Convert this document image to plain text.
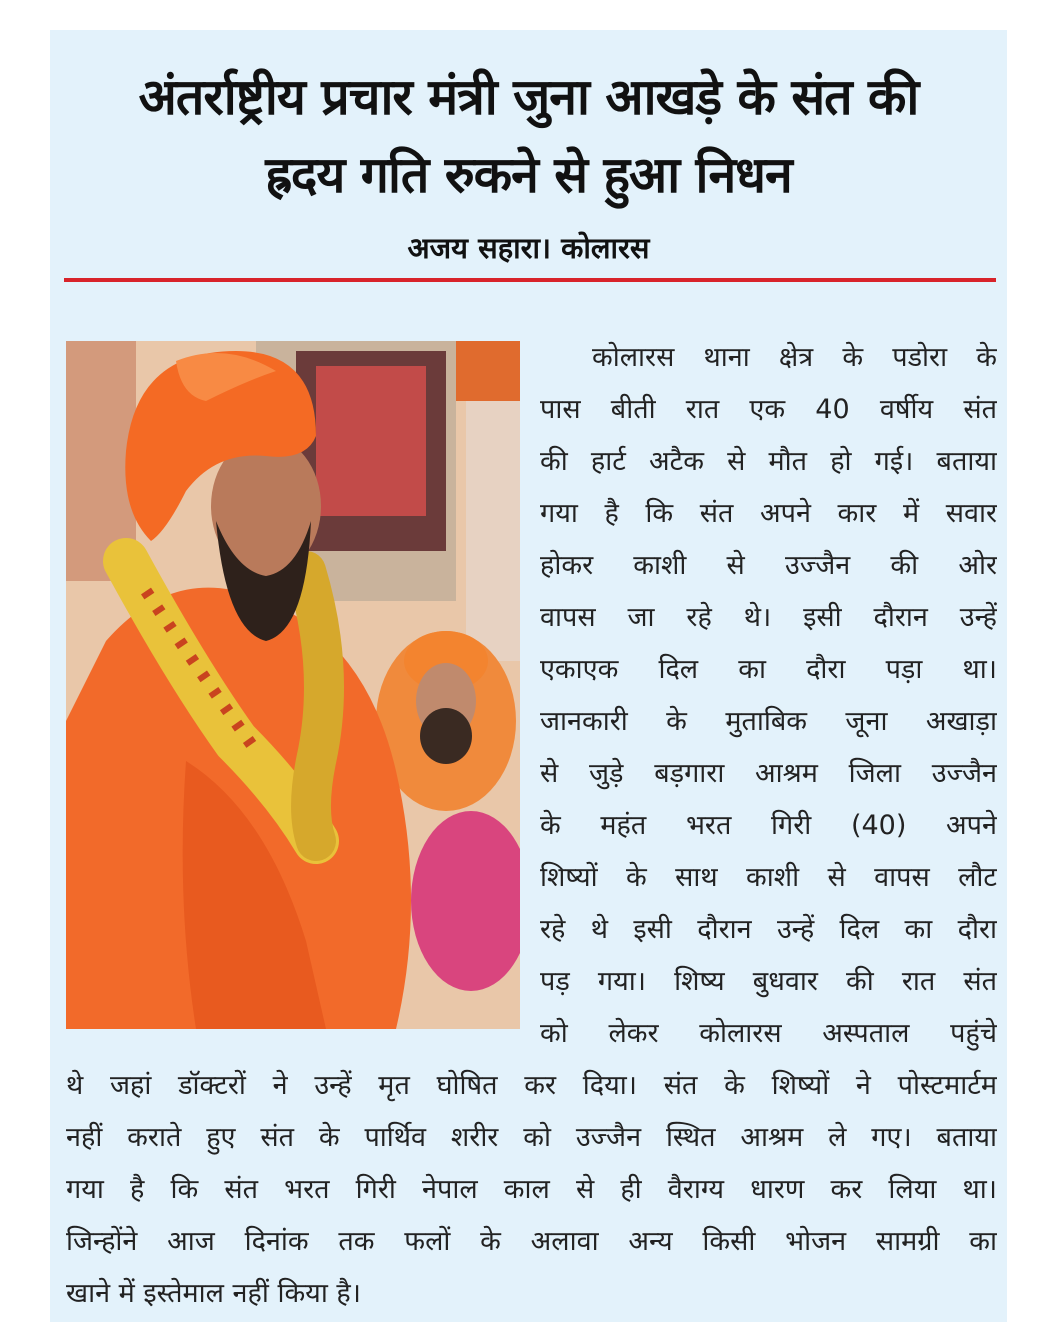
अंतर्राष्ट्रीय प्रचार मंत्री जुना आखड़े के संत की
ह्रदय गति रुकने से हुआ निधन
अजय सहारा। कोलारस
कोलारस थाना क्षेत्र के पडोरा के
पास बीती रात एक 40 वर्षीय संत
की हार्ट अटैक से मौत हो गई। बताया
गया है कि संत अपने कार में सवार
होकर काशी से उज्जैन की ओर
वापस जा रहे थे। इसी दौरान उन्हें
एकाएक दिल का दौरा पड़ा था।
जानकारी के मुताबिक जूना अखाड़ा
से जुड़े बड़गारा आश्रम जिला उज्जैन
के महंत भरत गिरी (40) अपने
शिष्यों के साथ काशी से वापस लौट
रहे थे इसी दौरान उन्हें दिल का दौरा
पड़ गया। शिष्य बुधवार की रात संत
को लेकर कोलारस अस्पताल पहुंचे
थे जहां डॉक्टरों ने उन्हें मृत घोषित कर दिया। संत के शिष्यों ने पोस्टमार्टम
नहीं कराते हुए संत के पार्थिव शरीर को उज्जैन स्थित आश्रम ले गए। बताया
गया है कि संत भरत गिरी नेपाल काल से ही वैराग्य धारण कर लिया था।
जिन्होंने आज दिनांक तक फलों के अलावा अन्य किसी भोजन सामग्री का
खाने में इस्तेमाल नहीं किया है।
